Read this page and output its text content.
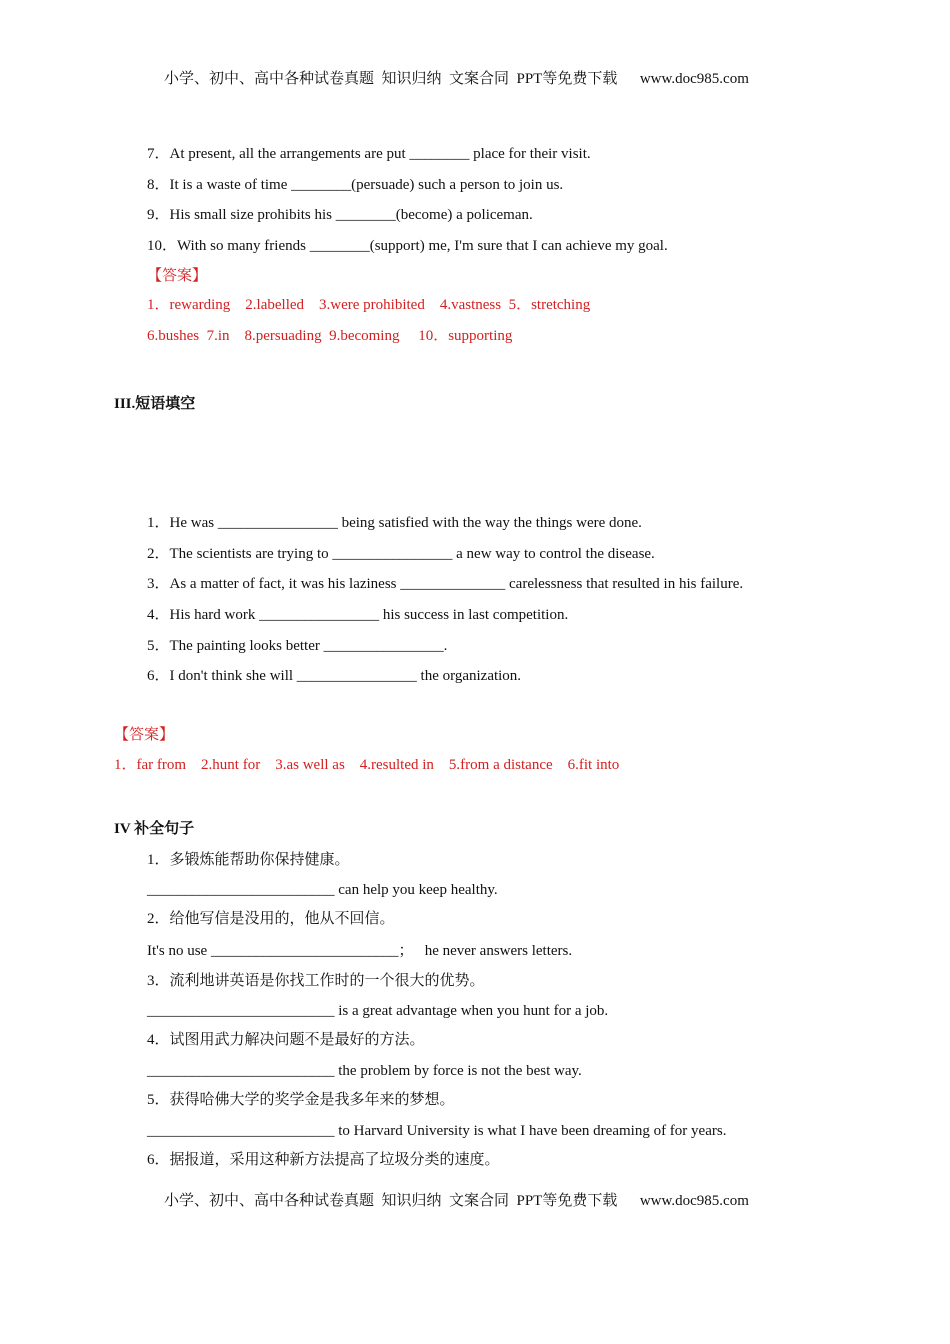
小学、初中、高中各种试卷真题  知识归纳  文案合同  PPT等免费下载      www.doc985.com
7．At present, all the arrangements are put ________ place for their visit.
8．It is a waste of time ________(persuade) such a person to join us.
9．His small size prohibits his ________(become) a policeman.
10．With so many friends ________(support) me, I'm sure that I can achieve my goal.
【答案】
1．rewarding    2.labelled    3.were prohibited    4.vastness  5．stretching
6.bushes  7.in    8.persuading  9.becoming     10．supporting
III.短语填空
1．He was ________________ being satisfied with the way the things were done.
2．The scientists are trying to ________________ a new way to control the disease.
3．As a matter of fact, it was his laziness ______________ carelessness that resulted in his failure.
4．His hard work ________________ his success in last competition.
5．The painting looks better ________________.
6．I don't think she will ________________ the organization.
【答案】
1．far from    2.hunt for    3.as well as    4.resulted in    5.from a distance    6.fit into
IV 补全句子
1．多锻炼能帮助你保持健康。
_________________________ can help you keep healthy.
2．给他写信是没用的，他从不回信。
It's no use _________________________；   he never answers letters.
3．流利地讲英语是你找工作时的一个很大的优势。
_________________________ is a great advantage when you hunt for a job.
4．试图用武力解决问题不是最好的方法。
_________________________ the problem by force is not the best way.
5．获得哈佛大学的奖学金是我多年来的梦想。
_________________________ to Harvard University is what I have been dreaming of for years.
6．据报道，采用这种新方法提高了垃圾分类的速度。
小学、初中、高中各种试卷真题  知识归纳  文案合同  PPT等免费下载      www.doc985.com
